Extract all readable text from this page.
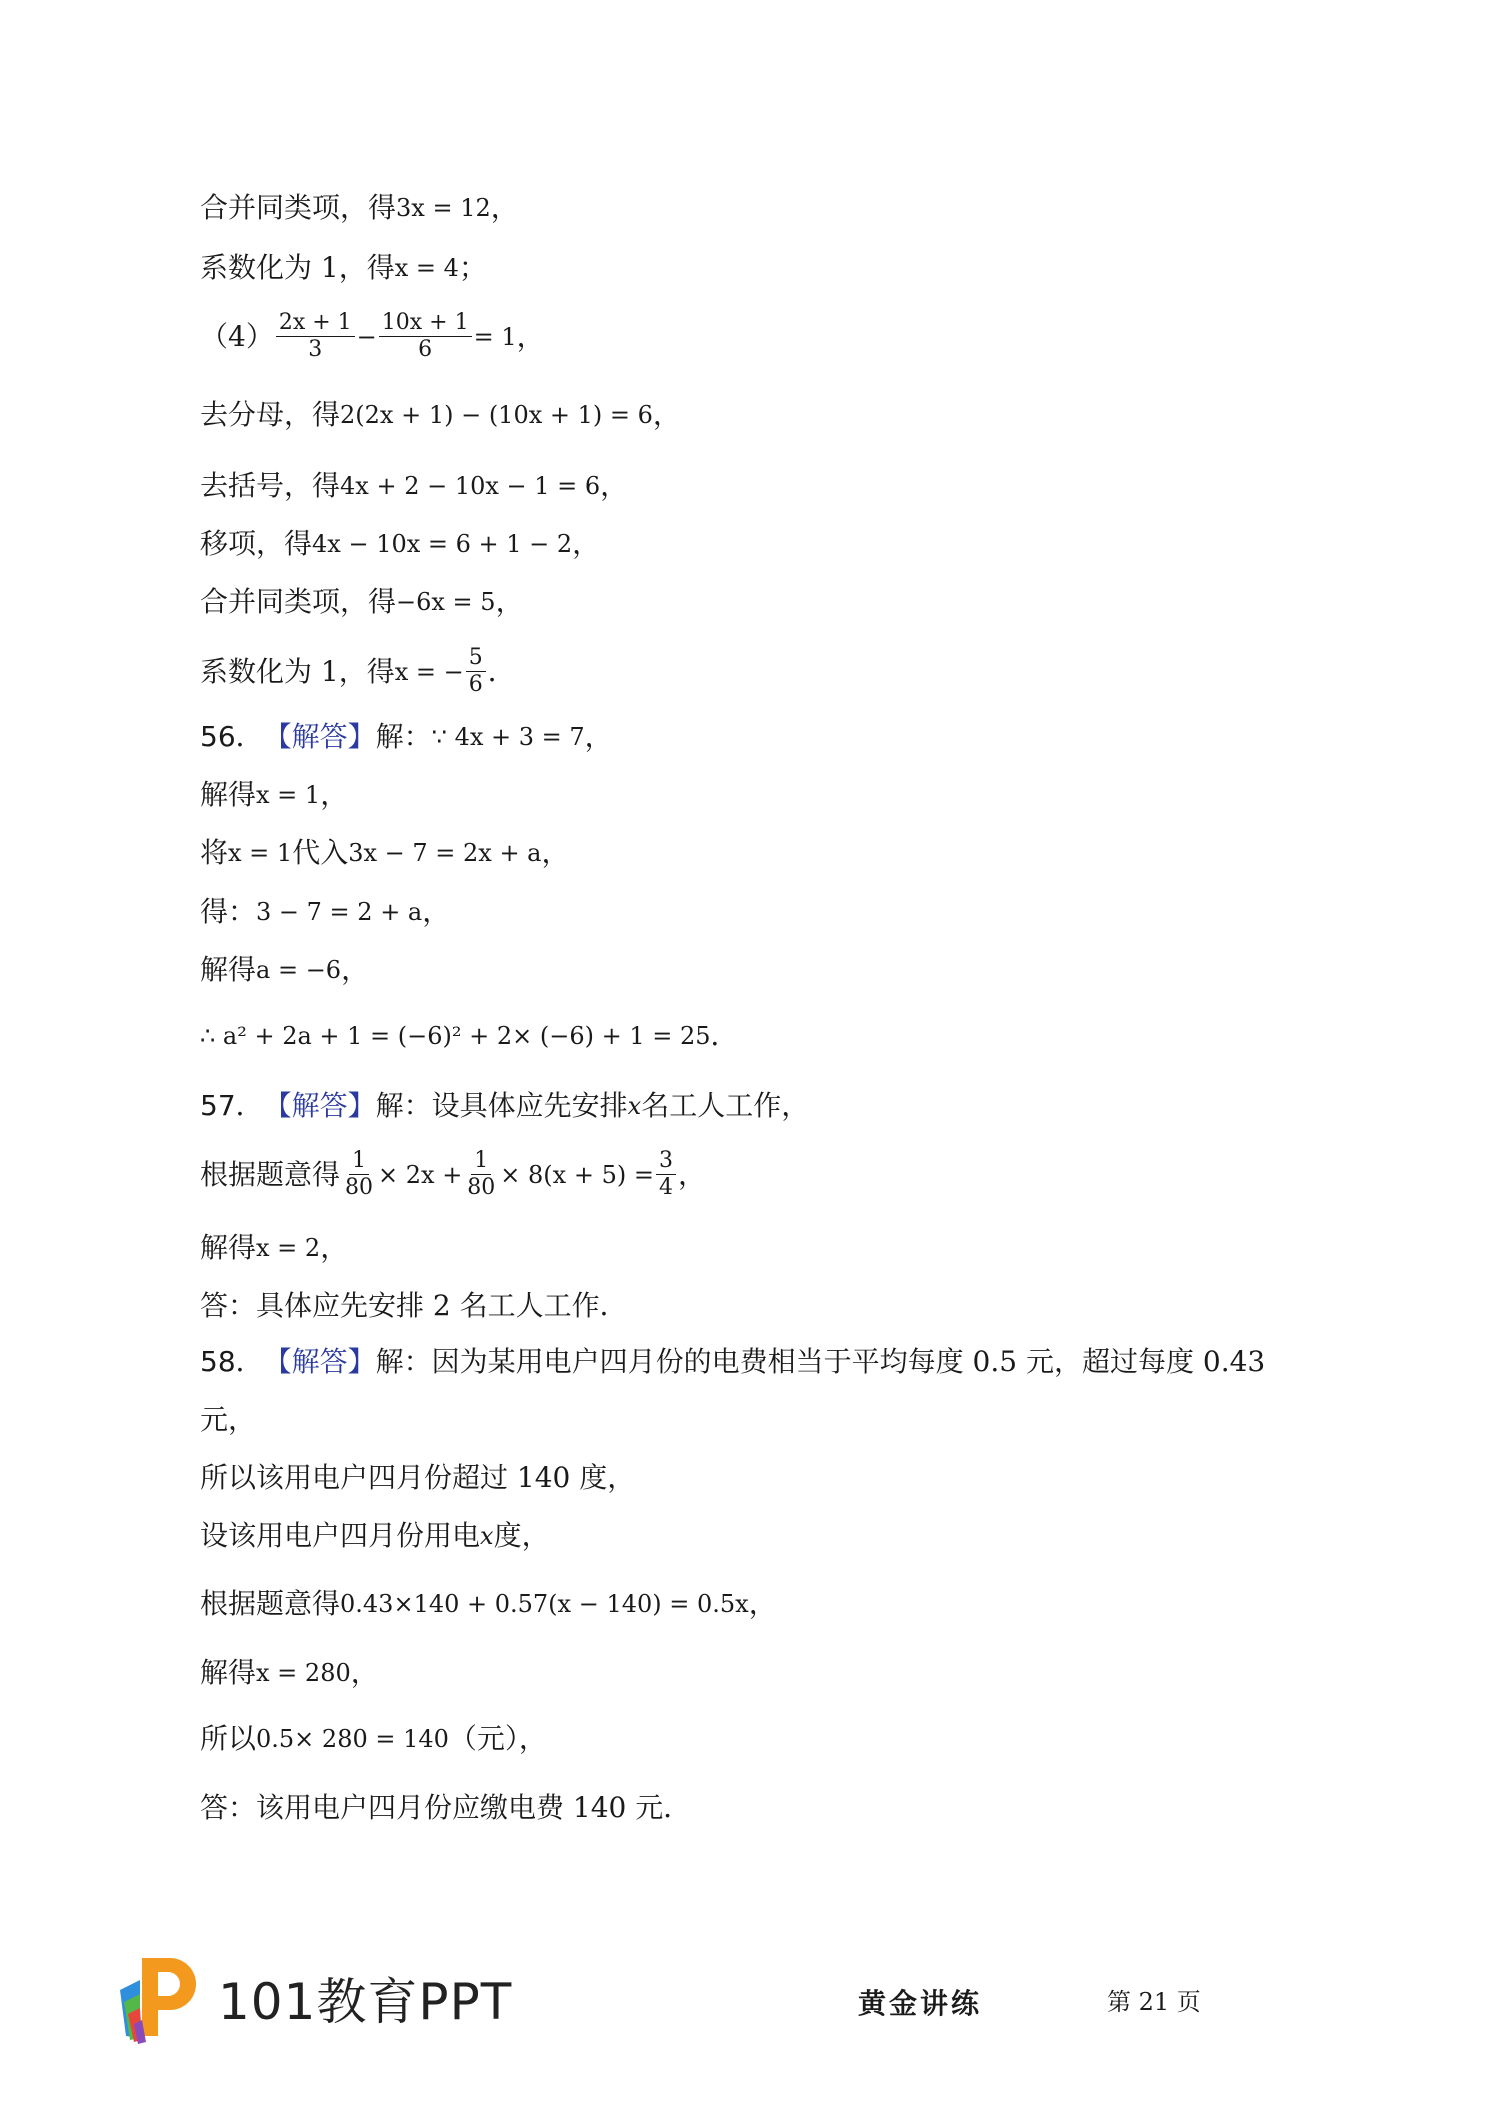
合并同类项，得 3x = 12 ，
系数化为 1，得 x = 4 ；
$(4) \frac{2x + 1}{3} - \frac{10x + 1}{6} = 1$ ，
去分母，得 2(2x + 1) − (10x + 1) = 6 ，
去括号，得 4x + 2 − 10x − 1 = 6 ，
移项，得 4x − 10x = 6 + 1 − 2 ，
合并同类项，得 −6x = 5 ，
系数化为 1，得 x = − $\frac{5}{6}$ ．
56． 【解答】 解： ∵ 4x + 3 = 7 ，
解得 x = 1 ，
将 x = 1 代入 3x − 7 = 2x + a ，
得： 3 − 7 = 2 + a ，
解得 a = −6 ，
∴ a² + 2a + 1 = (−6)² + 2× (−6) + 1 = 25 ．
57． 【解答】 解：设具体应先安排 x 名工人工作，
根据题意得 $\frac{1}{80} \times 2x + \frac{1}{80} \times 8(x + 5) = \frac{3}{4}$ ，
解得 x = 2 ，
答：具体应先安排 2 名工人工作．
58． 【解答】 解：因为某用电户四月份的电费相当于平均每度 0.5 元，超过每度 0.43
元，
所以该用电户四月份超过 140 度，
设该用电户四月份用电 x 度，
根据题意得 0.43×140 + 0.57(x − 140) = 0.5x ，
解得 x = 280 ，
所以 0.5× 280 = 140 （元），
答：该用电户四月份应缴电费 140 元．
101教育PPT	黄金讲练	第 21 页
